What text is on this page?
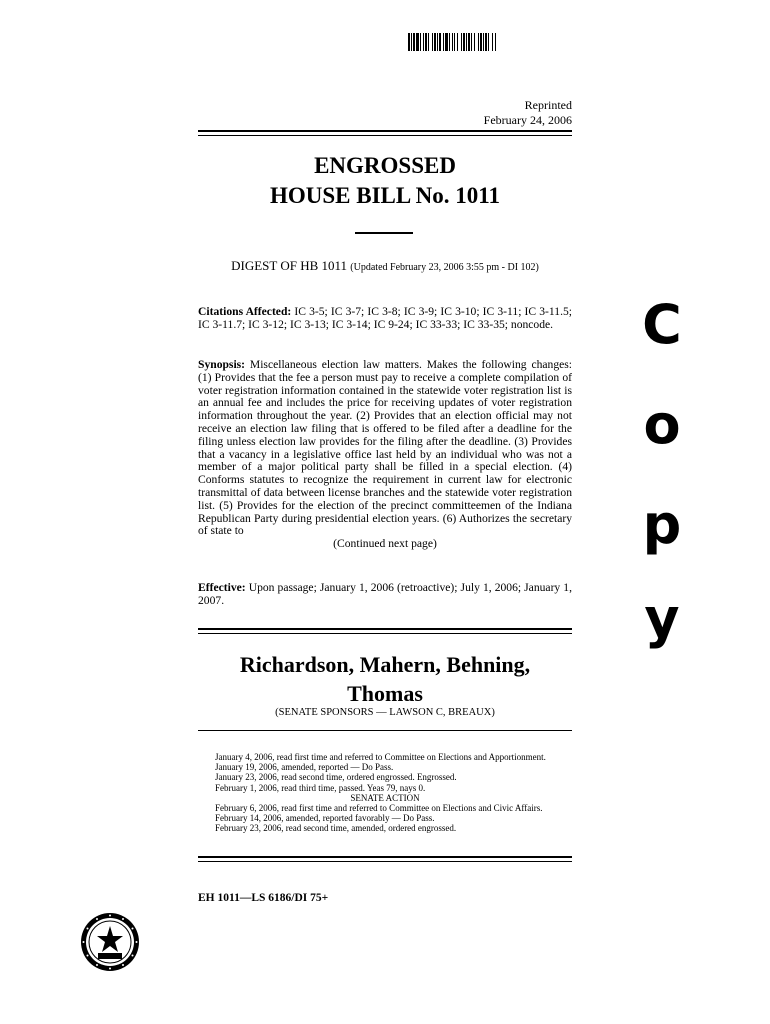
Reprinted
February 24, 2006
ENGROSSED
HOUSE BILL No. 1011
DIGEST OF HB 1011 (Updated February 23, 2006 3:55 pm - DI 102)
Citations Affected: IC 3-5; IC 3-7; IC 3-8; IC 3-9; IC 3-10; IC 3-11; IC 3-11.5; IC 3-11.7; IC 3-12; IC 3-13; IC 3-14; IC 9-24; IC 33-33; IC 33-35; noncode.
Synopsis: Miscellaneous election law matters. Makes the following changes: (1) Provides that the fee a person must pay to receive a complete compilation of voter registration information contained in the statewide voter registration list is an annual fee and includes the price for receiving updates of voter registration information throughout the year. (2) Provides that an election official may not receive an election law filing that is offered to be filed after a deadline for the filing unless election law provides for the filing after the deadline. (3) Provides that a vacancy in a legislative office last held by an individual who was not a member of a major political party shall be filled in a special election. (4) Conforms statutes to recognize the requirement in current law for electronic transmittal of data between license branches and the statewide voter registration list. (5) Provides for the election of the precinct committeemen of the Indiana Republican Party during presidential election years. (6) Authorizes the secretary of state to
(Continued next page)
Effective: Upon passage; January 1, 2006 (retroactive); July 1, 2006; January 1, 2007.
Richardson, Mahern, Behning,
Thomas
(SENATE SPONSORS — LAWSON C, BREAUX)
January 4, 2006, read first time and referred to Committee on Elections and Apportionment.
January 19, 2006, amended, reported — Do Pass.
January 23, 2006, read second time, ordered engrossed. Engrossed.
February 1, 2006, read third time, passed. Yeas 79, nays 0.
SENATE ACTION
February 6, 2006, read first time and referred to Committee on Elections and Civic Affairs.
February 14, 2006, amended, reported favorably — Do Pass.
February 23, 2006, read second time, amended, ordered engrossed.
EH 1011—LS 6186/DI 75+
C
o
p
y
